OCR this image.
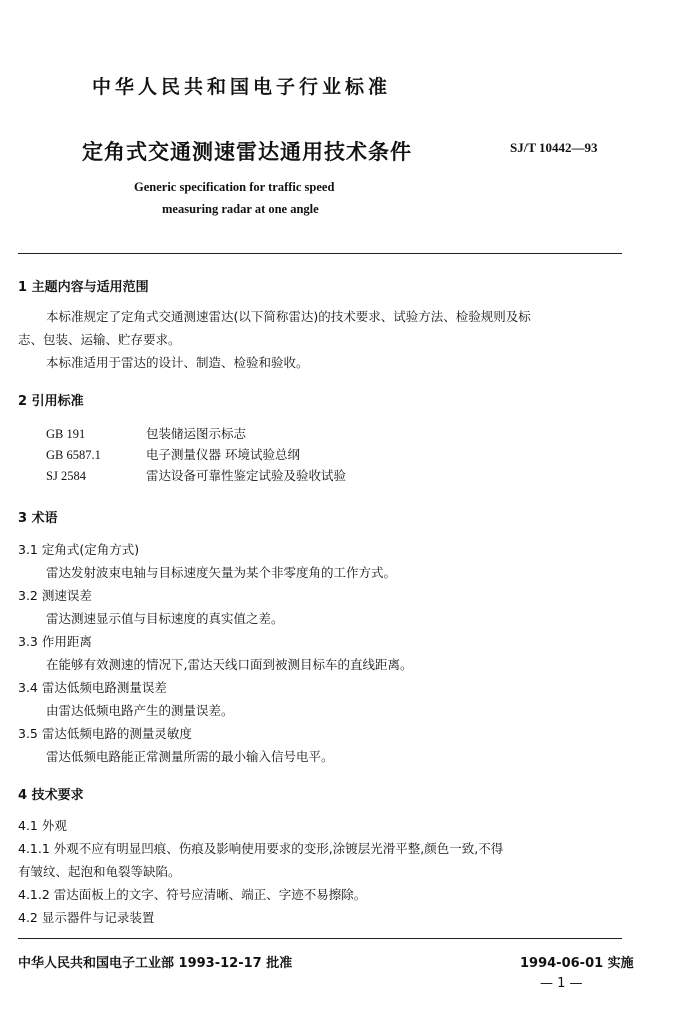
中华人民共和国电子行业标准
定角式交通测速雷达通用技术条件	SJ/T 10442—93
Generic specification for traffic speed
measuring radar at one angle
1 主题内容与适用范围
本标准规定了定角式交通测速雷达(以下简称雷达)的技术要求、试验方法、检验规则及标
志、包装、运输、贮存要求。
本标准适用于雷达的设计、制造、检验和验收。
2 引用标准
GB 191	包装储运图示标志
GB 6587.1	电子测量仪器 环境试验总纲
SJ 2584	雷达设备可靠性鉴定试验及验收试验
3 术语
3.1 定角式(定角方式)
雷达发射波束电轴与目标速度矢量为某个非零度角的工作方式。
3.2 测速误差
雷达测速显示值与目标速度的真实值之差。
3.3 作用距离
在能够有效测速的情况下,雷达天线口面到被测目标车的直线距离。
3.4 雷达低频电路测量误差
由雷达低频电路产生的测量误差。
3.5 雷达低频电路的测量灵敏度
雷达低频电路能正常测量所需的最小输入信号电平。
4 技术要求
4.1 外观
4.1.1 外观不应有明显凹痕、伤痕及影响使用要求的变形,涂镀层光滑平整,颜色一致,不得
有皱纹、起泡和龟裂等缺陷。
4.1.2 雷达面板上的文字、符号应清晰、端正、字迹不易擦除。
4.2 显示器件与记录装置
中华人民共和国电子工业部 1993-12-17 批准	1994-06-01 实施
— 1 —
